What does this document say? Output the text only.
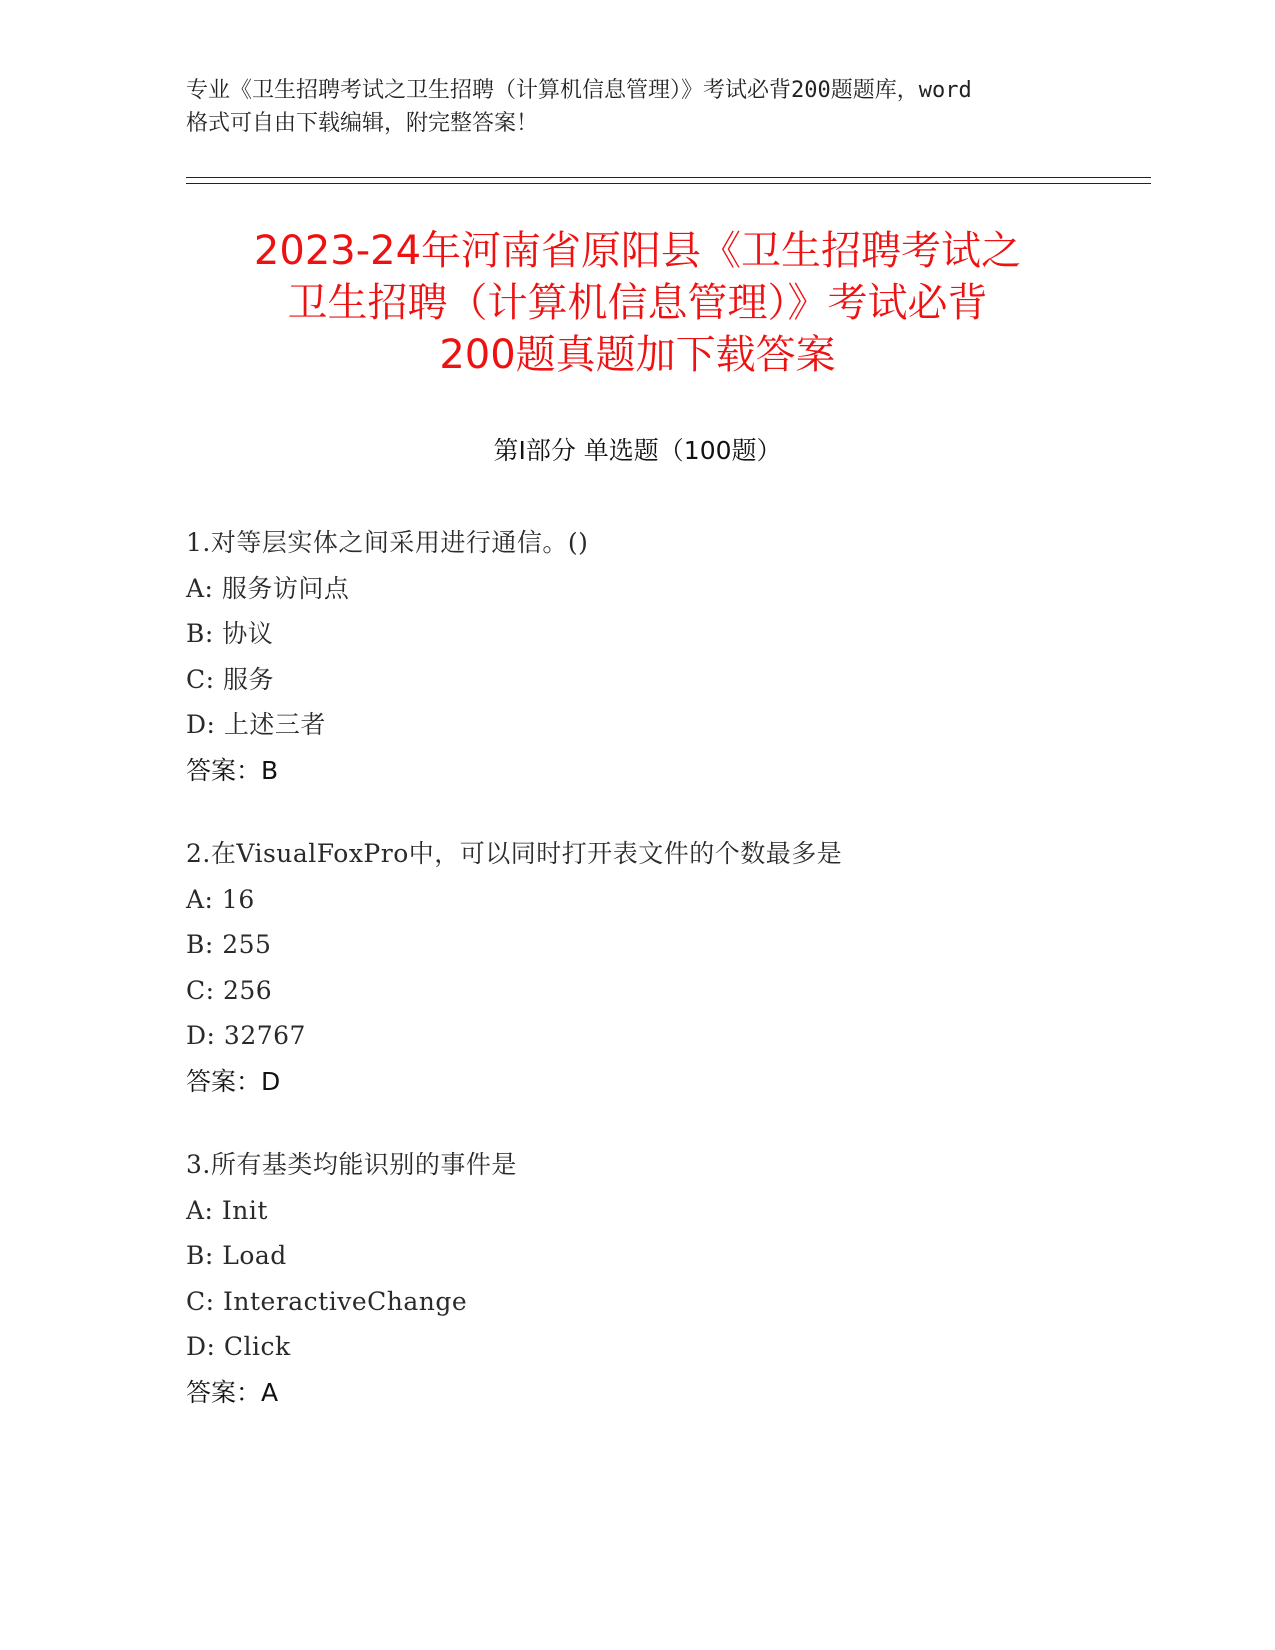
专业《卫生招聘考试之卫生招聘（计算机信息管理）》考试必背200题题库，word
格式可自由下载编辑，附完整答案！
2023-24年河南省原阳县《卫生招聘考试之
卫生招聘（计算机信息管理）》考试必背
200题真题加下载答案
第Ⅰ部分 单选题（100题）
1.对等层实体之间采用进行通信。()
A: 服务访问点
B: 协议
C: 服务
D: 上述三者
答案：B
2.在VisualFoxPro中，可以同时打开表文件的个数最多是
A: 16
B: 255
C: 256
D: 32767
答案：D
3.所有基类均能识别的事件是
A: Init
B: Load
C: InteractiveChange
D: Click
答案：A
